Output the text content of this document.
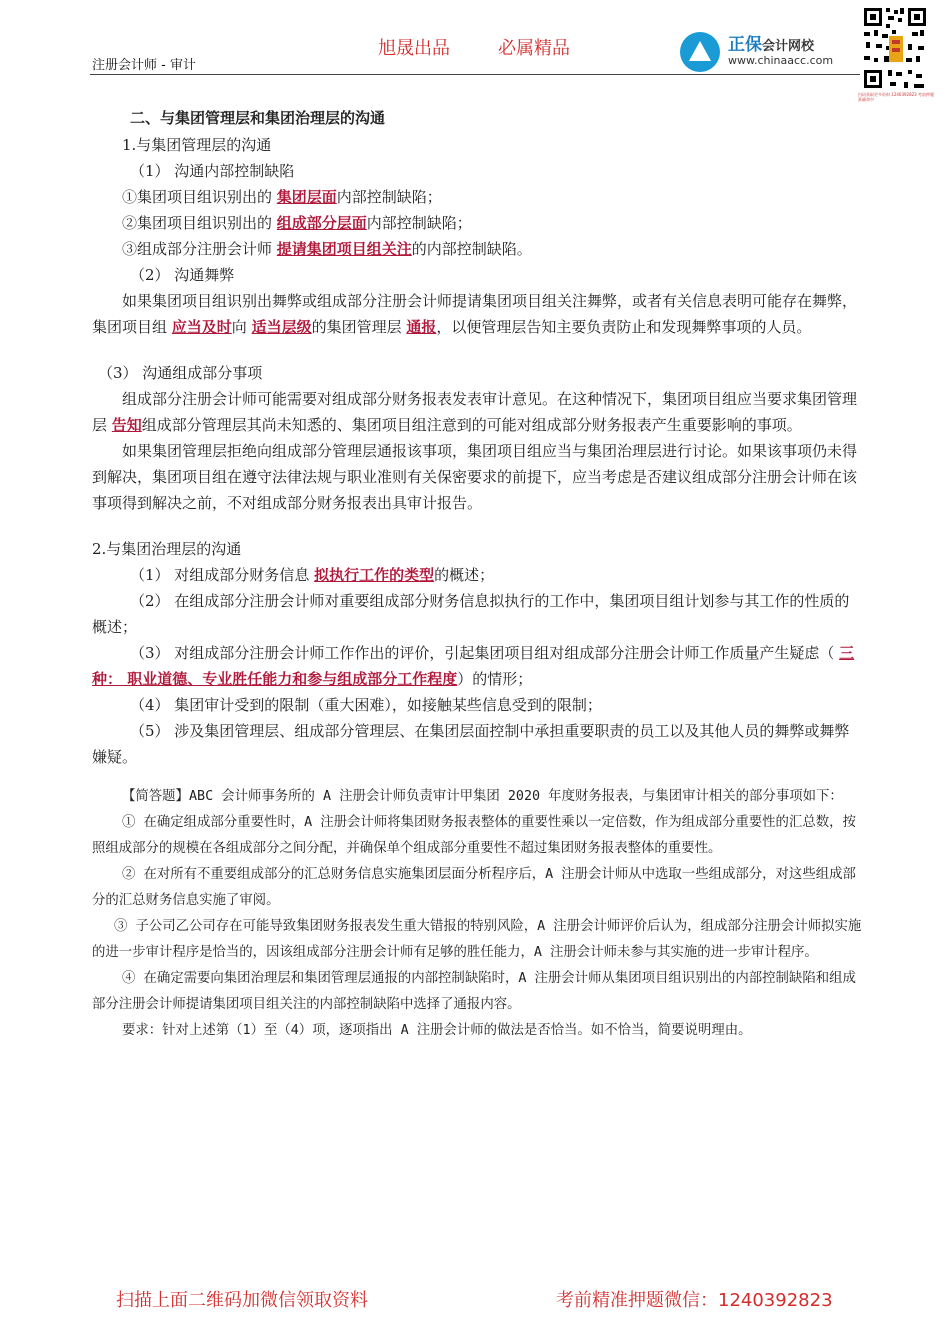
旭晟出品	必属精品
注册会计师 - 审计
正保会计网校
www.chinaacc.com
扫码获取更多资料 1240392823 考前押题 准确命中

二、与集团管理层和集团治理层的沟通

1.与集团管理层的沟通

（1） 沟通内部控制缺陷

①集团项目组识别出的 集团层面内部控制缺陷；

②集团项目组识别出的 组成部分层面内部控制缺陷；

③组成部分注册会计师 提请集团项目组关注的内部控制缺陷。

（2） 沟通舞弊

如果集团项目组识别出舞弊或组成部分注册会计师提请集团项目组关注舞弊，或者有关信息表明可能存在舞弊，集团项目组 应当及时向 适当层级的集团管理层 通报，以便管理层告知主要负责防止和发现舞弊事项的人员。

（3） 沟通组成部分事项

组成部分注册会计师可能需要对组成部分财务报表发表审计意见。在这种情况下，集团项目组应当要求集团管理层 告知组成部分管理层其尚未知悉的、集团项目组注意到的可能对组成部分财务报表产生重要影响的事项。

如果集团管理层拒绝向组成部分管理层通报该事项，集团项目组应当与集团治理层进行讨论。如果该事项仍未得到解决，集团项目组在遵守法律法规与职业准则有关保密要求的前提下，应当考虑是否建议组成部分注册会计师在该事项得到解决之前，不对组成部分财务报表出具审计报告。

2.与集团治理层的沟通

（1） 对组成部分财务信息 拟执行工作的类型的概述；

（2） 在组成部分注册会计师对重要组成部分财务信息拟执行的工作中，集团项目组计划参与其工作的性质的概述；

（3） 对组成部分注册会计师工作作出的评价，引起集团项目组对组成部分注册会计师工作质量产生疑虑（ 三种： 职业道德、专业胜任能力和参与组成部分工作程度）的情形；

（4） 集团审计受到的限制（重大困难），如接触某些信息受到的限制；

（5） 涉及集团管理层、组成部分管理层、在集团层面控制中承担重要职责的员工以及其他人员的舞弊或舞弊嫌疑。

【简答题】ABC 会计师事务所的 A 注册会计师负责审计甲集团 2020 年度财务报表，与集团审计相关的部分事项如下：

① 在确定组成部分重要性时，A 注册会计师将集团财务报表整体的重要性乘以一定倍数，作为组成部分重要性的汇总数，按照组成部分的规模在各组成部分之间分配，并确保单个组成部分重要性不超过集团财务报表整体的重要性。

② 在对所有不重要组成部分的汇总财务信息实施集团层面分析程序后，A 注册会计师从中选取一些组成部分，对这些组成部分的汇总财务信息实施了审阅。

③ 子公司乙公司存在可能导致集团财务报表发生重大错报的特别风险，A 注册会计师评价后认为，组成部分注册会计师拟实施的进一步审计程序是恰当的，因该组成部分注册会计师有足够的胜任能力，A 注册会计师未参与其实施的进一步审计程序。

④ 在确定需要向集团治理层和集团管理层通报的内部控制缺陷时，A 注册会计师从集团项目组识别出的内部控制缺陷和组成部分注册会计师提请集团项目组关注的内部控制缺陷中选择了通报内容。

要求：针对上述第（1）至（4）项，逐项指出 A 注册会计师的做法是否恰当。如不恰当，简要说明理由。

扫描上面二维码加微信领取资料	考前精准押题微信：1240392823
